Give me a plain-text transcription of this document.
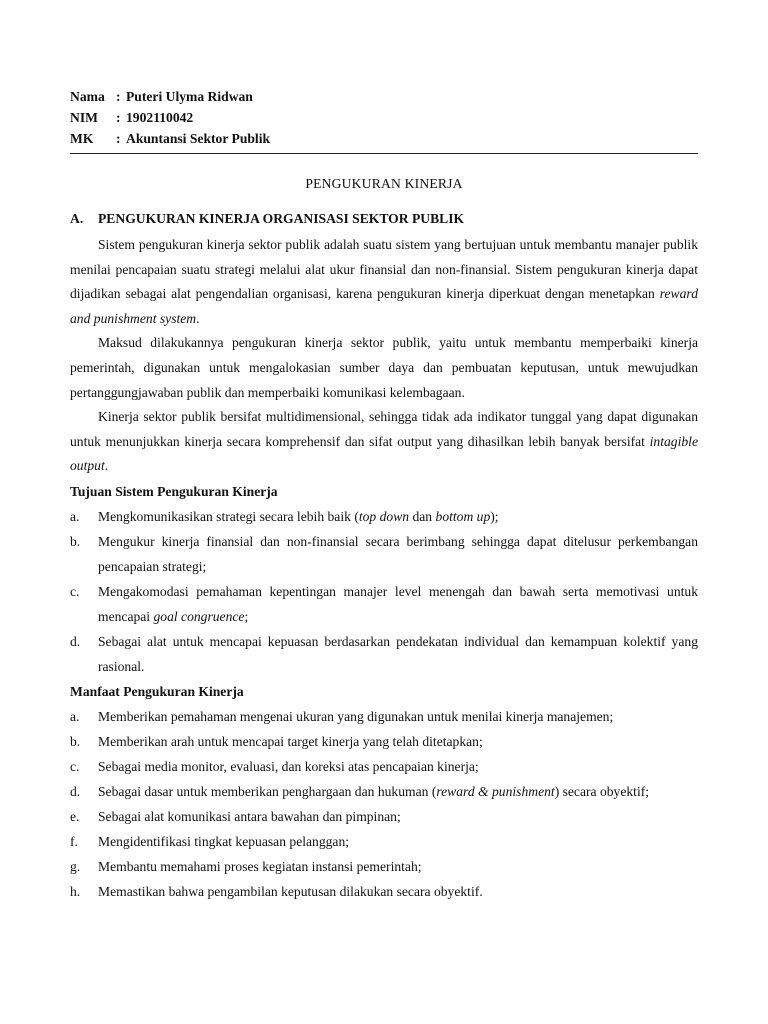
Nama : Puteri Ulyma Ridwan
NIM	: 1902110042
MK	: Akuntansi Sektor Publik
PENGUKURAN KINERJA
A.	PENGUKURAN KINERJA ORGANISASI SEKTOR PUBLIK

Sistem pengukuran kinerja sektor publik adalah suatu sistem yang bertujuan untuk membantu manajer publik menilai pencapaian suatu strategi melalui alat ukur finansial dan non-finansial. Sistem pengukuran kinerja dapat dijadikan sebagai alat pengendalian organisasi, karena pengukuran kinerja diperkuat dengan menetapkan reward and punishment system.

Maksud dilakukannya pengukuran kinerja sektor publik, yaitu untuk membantu memperbaiki kinerja pemerintah, digunakan untuk mengalokasian sumber daya dan pembuatan keputusan, untuk mewujudkan pertanggungjawaban publik dan memperbaiki komunikasi kelembagaan.

Kinerja sektor publik bersifat multidimensional, sehingga tidak ada indikator tunggal yang dapat digunakan untuk menunjukkan kinerja secara komprehensif dan sifat output yang dihasilkan lebih banyak bersifat intagible output.

Tujuan Sistem Pengukuran Kinerja
a.	Mengkomunikasikan strategi secara lebih baik (top down dan bottom up);
b.	Mengukur kinerja finansial dan non-finansial secara berimbang sehingga dapat ditelusur perkembangan pencapaian strategi;
c.	Mengakomodasi pemahaman kepentingan manajer level menengah dan bawah serta memotivasi untuk mencapai goal congruence;
d.	Sebagai alat untuk mencapai kepuasan berdasarkan pendekatan individual dan kemampuan kolektif yang rasional.
Manfaat Pengukuran Kinerja
a.	Memberikan pemahaman mengenai ukuran yang digunakan untuk menilai kinerja manajemen;
b.	Memberikan arah untuk mencapai target kinerja yang telah ditetapkan;
c.	Sebagai media monitor, evaluasi, dan koreksi atas pencapaian kinerja;
d.	Sebagai dasar untuk memberikan penghargaan dan hukuman (reward & punishment) secara obyektif;
e.	Sebagai alat komunikasi antara bawahan dan pimpinan;
f.	Mengidentifikasi tingkat kepuasan pelanggan;
g.	Membantu memahami proses kegiatan instansi pemerintah;
h.	Memastikan bahwa pengambilan keputusan dilakukan secara obyektif.
